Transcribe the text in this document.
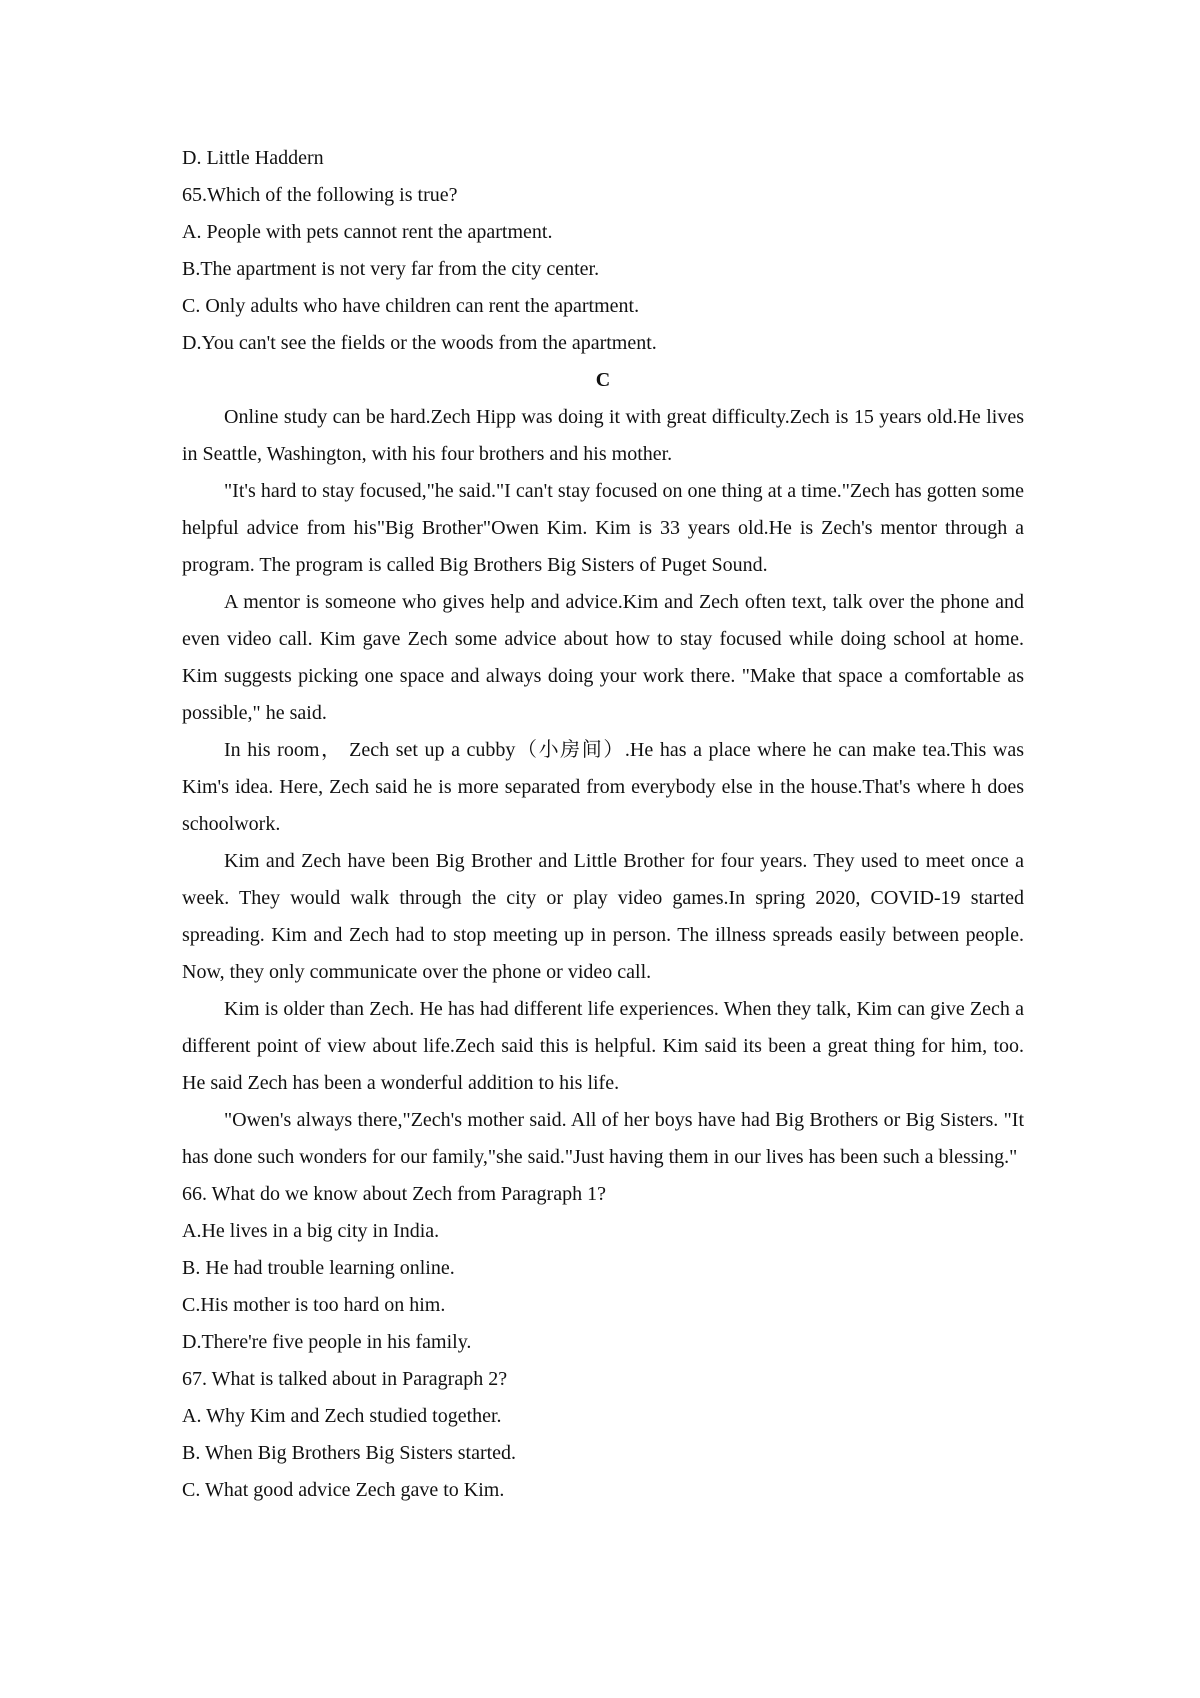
D. Little Haddern
65.Which of the following is true?
A. People with pets cannot rent the apartment.
B.The apartment is not very far from the city center.
C. Only adults who have children can rent the apartment.
D.You can't see the fields or the woods from the apartment.
C
Online study can be hard.Zech Hipp was doing it with great difficulty.Zech is 15 years old.He lives in Seattle, Washington, with his four brothers and his mother.
"It's hard to stay focused,"he said."I can't stay focused on one thing at a time."Zech has gotten some helpful advice from his"Big Brother"Owen Kim. Kim is 33 years old.He is Zech's mentor through a program. The program is called Big Brothers Big Sisters of Puget Sound.
A mentor is someone who gives help and advice.Kim and Zech often text, talk over the phone and even video call. Kim gave Zech some advice about how to stay focused while doing school at home. Kim suggests picking one space and always doing your work there. "Make that space a comfortable as possible," he said.
In his room， Zech set up a cubby（小房间）.He has a place where he can make tea.This was Kim's idea. Here, Zech said he is more separated from everybody else in the house.That's where h does schoolwork.
Kim and Zech have been Big Brother and Little Brother for four years. They used to meet once a week. They would walk through the city or play video games.In spring 2020, COVID-19 started spreading. Kim and Zech had to stop meeting up in person. The illness spreads easily between people. Now, they only communicate over the phone or video call.
Kim is older than Zech. He has had different life experiences. When they talk, Kim can give Zech a different point of view about life.Zech said this is helpful. Kim said its been a great thing for him, too. He said Zech has been a wonderful addition to his life.
"Owen's always there,"Zech's mother said. All of her boys have had Big Brothers or Big Sisters. "It has done such wonders for our family,"she said."Just having them in our lives has been such a blessing."
66. What do we know about Zech from Paragraph 1?
A.He lives in a big city in India.
B. He had trouble learning online.
C.His mother is too hard on him.
D.There're five people in his family.
67. What is talked about in Paragraph 2?
A. Why Kim and Zech studied together.
B. When Big Brothers Big Sisters started.
C. What good advice Zech gave to Kim.
